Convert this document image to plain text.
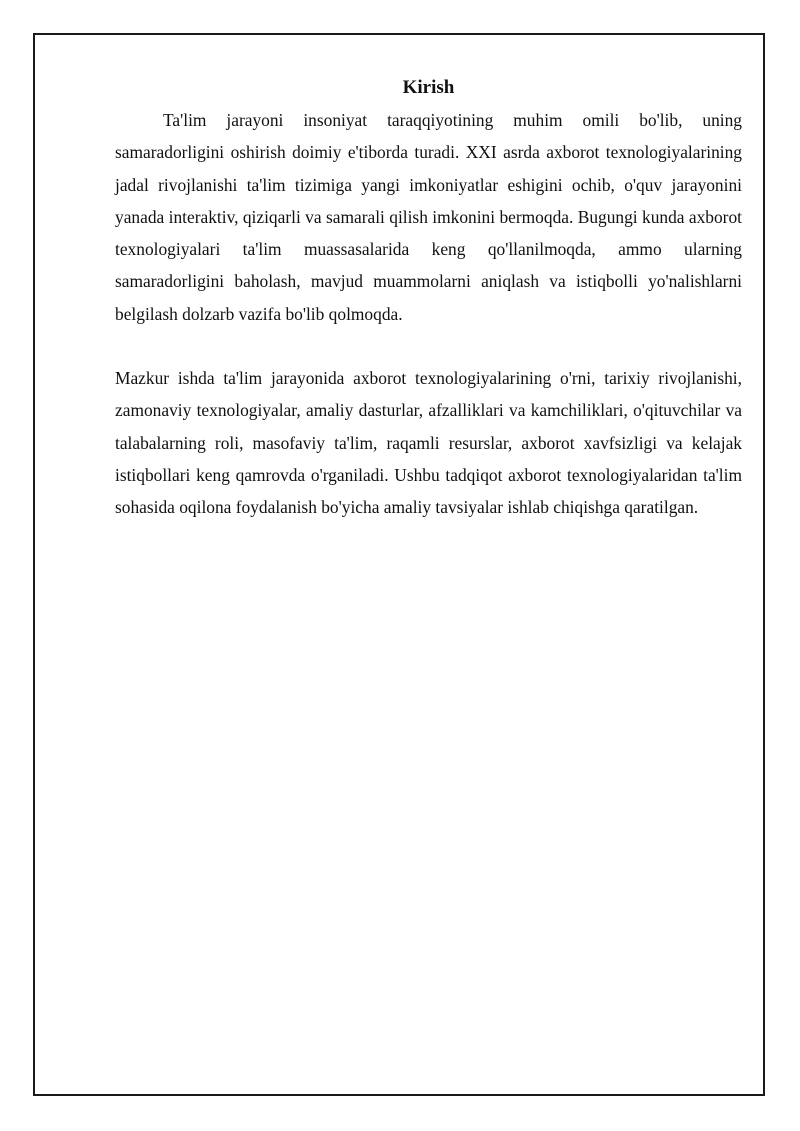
Kirish

Ta'lim jarayoni insoniyat taraqqiyotining muhim omili bo'lib, uning samaradorligini oshirish doimiy e'tiborda turadi. XXI asrda axborot texnologiyalarining jadal rivojlanishi ta'lim tizimiga yangi imkoniyatlar eshigini ochib, o'quv jarayonini yanada interaktiv, qiziqarli va samarali qilish imkonini bermoqda. Bugungi kunda axborot texnologiyalari ta'lim muassasalarida keng qo'llanilmoqda, ammo ularning samaradorligini baholash, mavjud muammolarni aniqlash va istiqbolli yo'nalishlarni belgilash dolzarb vazifa bo'lib qolmoqda.

Mazkur ishda ta'lim jarayonida axborot texnologiyalarining o'rni, tarixiy rivojlanishi, zamonaviy texnologiyalar, amaliy dasturlar, afzalliklari va kamchiliklari, o'qituvchilar va talabalarning roli, masofaviy ta'lim, raqamli resurslar, axborot xavfsizligi va kelajak istiqbollari keng qamrovda o'rganiladi. Ushbu tadqiqot axborot texnologiyalaridan ta'lim sohasida oqilona foydalanish bo'yicha amaliy tavsiyalar ishlab chiqishga qaratilgan.
